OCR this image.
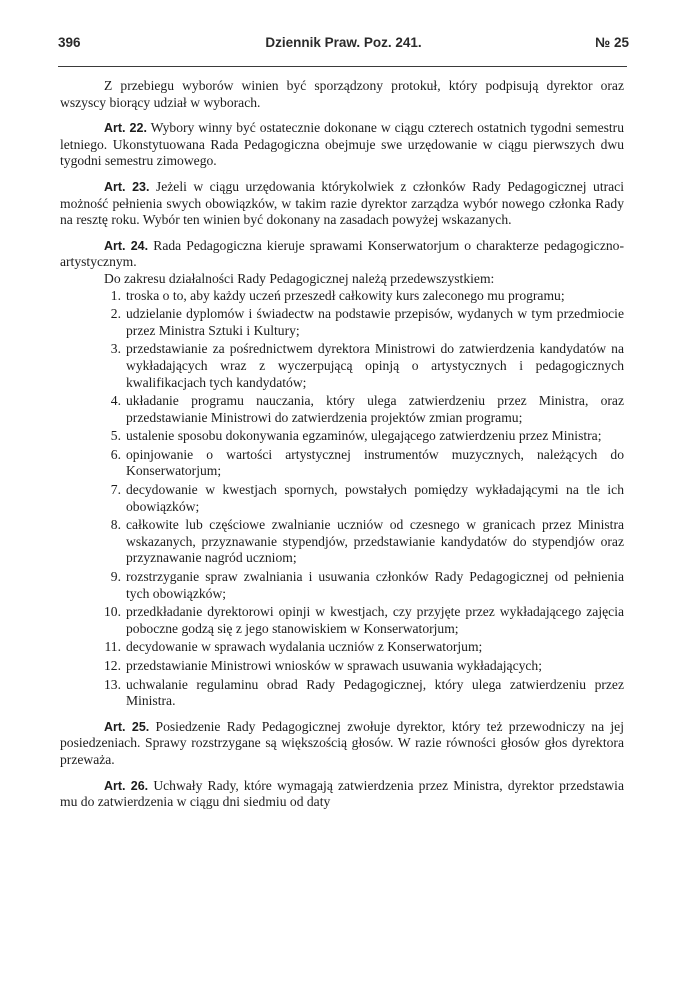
396	Dziennik Praw. Poz. 241.	№ 25

Z przebiegu wyborów winien być sporządzony protokuł, który podpisują dyrektor oraz wszyscy biorący udział w wyborach.

Art. 22. Wybory winny być ostatecznie dokonane w ciągu czterech ostatnich tygodni semestru letniego. Ukonstytuowana Rada Pedagogiczna obejmuje swe urzędowanie w ciągu pierwszych dwu tygodni semestru zimowego.

Art. 23. Jeżeli w ciągu urzędowania którykolwiek z członków Rady Pedagogicznej utraci możność pełnienia swych obowiązków, w takim razie dyrektor zarządza wybór nowego członka Rady na resztę roku. Wybór ten winien być dokonany na zasadach powyżej wskazanych.

Art. 24. Rada Pedagogiczna kieruje sprawami Konserwatorjum o charakterze pedagogiczno-artystycznym.

Do zakresu działalności Rady Pedagogicznej należą przedewszystkiem:

1. troska o to, aby każdy uczeń przeszedł całkowity kurs zaleconego mu programu;
2. udzielanie dyplomów i świadectw na podstawie przepisów, wydanych w tym przedmiocie przez Ministra Sztuki i Kultury;
3. przedstawianie za pośrednictwem dyrektora Ministrowi do zatwierdzenia kandydatów na wykładających wraz z wyczerpującą opinją o artystycznych i pedagogicznych kwalifikacjach tych kandydatów;
4. układanie programu nauczania, który ulega zatwierdzeniu przez Ministra, oraz przedstawianie Ministrowi do zatwierdzenia projektów zmian programu;
5. ustalenie sposobu dokonywania egzaminów, ulegającego zatwierdzeniu przez Ministra;
6. opinjowanie o wartości artystycznej instrumentów muzycznych, należących do Konserwatorjum;
7. decydowanie w kwestjach spornych, powstałych pomiędzy wykładającymi na tle ich obowiązków;
8. całkowite lub częściowe zwalnianie uczniów od czesnego w granicach przez Ministra wskazanych, przyznawanie stypendjów, przedstawianie kandydatów do stypendjów oraz przyznawanie nagród uczniom;
9. rozstrzyganie spraw zwalniania i usuwania członków Rady Pedagogicznej od pełnienia tych obowiązków;
10. przedkładanie dyrektorowi opinji w kwestjach, czy przyjęte przez wykładającego zajęcia poboczne godzą się z jego stanowiskiem w Konserwatorjum;
11. decydowanie w sprawach wydalania uczniów z Konserwatorjum;
12. przedstawianie Ministrowi wniosków w sprawach usuwania wykładających;
13. uchwalanie regulaminu obrad Rady Pedagogicznej, który ulega zatwierdzeniu przez Ministra.

Art. 25. Posiedzenie Rady Pedagogicznej zwołuje dyrektor, który też przewodniczy na jej posiedzeniach. Sprawy rozstrzygane są większością głosów. W razie równości głosów głos dyrektora przeważa.

Art. 26. Uchwały Rady, które wymagają zatwierdzenia przez Ministra, dyrektor przedstawia mu do zatwierdzenia w ciągu dni siedmiu od daty
